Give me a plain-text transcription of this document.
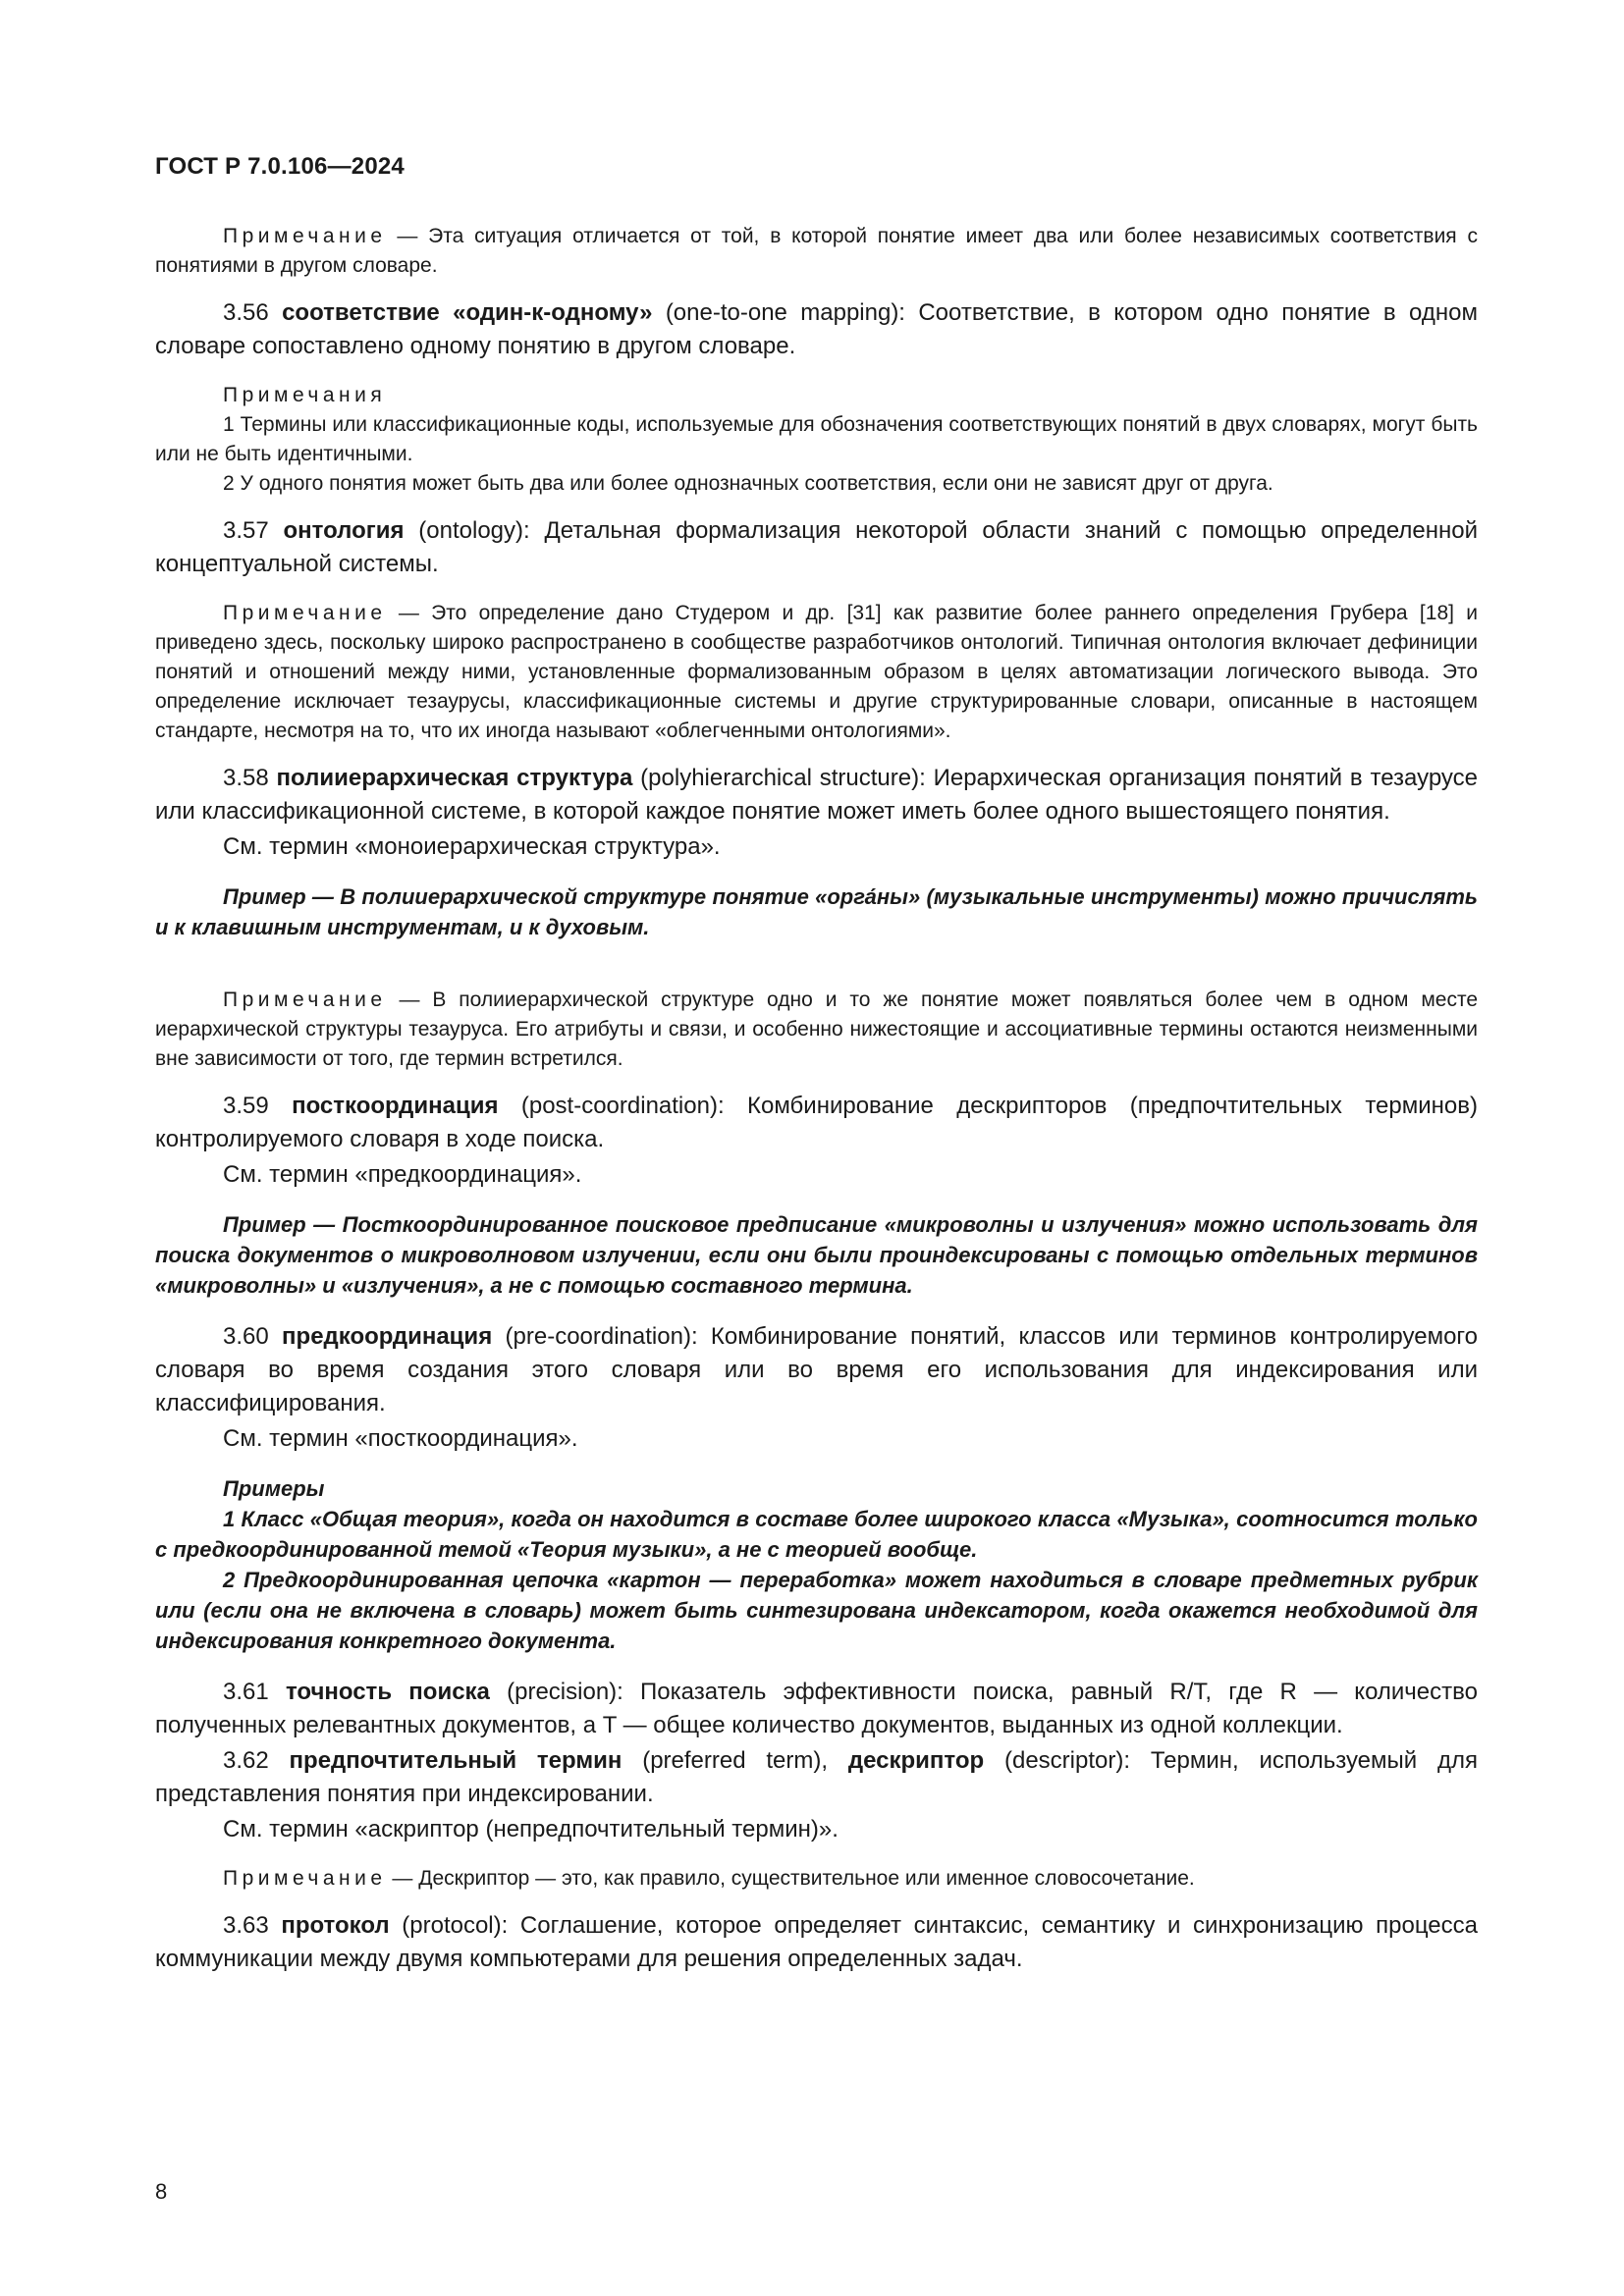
ГОСТ Р 7.0.106—2024

Примечание — Эта ситуация отличается от той, в которой понятие имеет два или более независимых соответствия с понятиями в другом словаре.

3.56 соответствие «один-к-одному» (one-to-one mapping): Соответствие, в котором одно понятие в одном словаре сопоставлено одному понятию в другом словаре.

Примечания

1 Термины или классификационные коды, используемые для обозначения соответствующих понятий в двух словарях, могут быть или не быть идентичными.

2 У одного понятия может быть два или более однозначных соответствия, если они не зависят друг от друга.

3.57 онтология (ontology): Детальная формализация некоторой области знаний с помощью определенной концептуальной системы.

Примечание — Это определение дано Студером и др. [31] как развитие более раннего определения Грубера [18] и приведено здесь, поскольку широко распространено в сообществе разработчиков онтологий. Типичная онтология включает дефиниции понятий и отношений между ними, установленные формализованным образом в целях автоматизации логического вывода. Это определение исключает тезаурусы, классификационные системы и другие структурированные словари, описанные в настоящем стандарте, несмотря на то, что их иногда называют «облегченными онтологиями».

3.58 полииерархическая структура (polyhierarchical structure): Иерархическая организация понятий в тезаурусе или классификационной системе, в которой каждое понятие может иметь более одного вышестоящего понятия.

См. термин «моноиерархическая структура».

Пример — В полииерархической структуре понятие «орга́ны» (музыкальные инструменты) можно причислять и к клавишным инструментам, и к духовым.

Примечание — В полииерархической структуре одно и то же понятие может появляться более чем в одном месте иерархической структуры тезауруса. Его атрибуты и связи, и особенно нижестоящие и ассоциативные термины остаются неизменными вне зависимости от того, где термин встретился.

3.59 посткоординация (post-coordination): Комбинирование дескрипторов (предпочтительных терминов) контролируемого словаря в ходе поиска.

См. термин «предкоординация».

Пример — Посткоординированное поисковое предписание «микроволны и излучения» можно использовать для поиска документов о микроволновом излучении, если они были проиндексированы с помощью отдельных терминов «микроволны» и «излучения», а не с помощью составного термина.

3.60 предкоординация (pre-coordination): Комбинирование понятий, классов или терминов контролируемого словаря во время создания этого словаря или во время его использования для индексирования или классифицирования.

См. термин «посткоординация».

Примеры

1 Класс «Общая теория», когда он находится в составе более широкого класса «Музыка», соотносится только с предкоординированной темой «Теория музыки», а не с теорией вообще.

2 Предкоординированная цепочка «картон — переработка» может находиться в словаре предметных рубрик или (если она не включена в словарь) может быть синтезирована индексатором, когда окажется необходимой для индексирования конкретного документа.

3.61 точность поиска (precision): Показатель эффективности поиска, равный R/T, где R — количество полученных релевантных документов, а T — общее количество документов, выданных из одной коллекции.

3.62 предпочтительный термин (preferred term), дескриптор (descriptor): Термин, используемый для представления понятия при индексировании.

См. термин «аскриптор (непредпочтительный термин)».

Примечание — Дескриптор — это, как правило, существительное или именное словосочетание.

3.63 протокол (protocol): Соглашение, которое определяет синтаксис, семантику и синхронизацию процесса коммуникации между двумя компьютерами для решения определенных задач.

8
